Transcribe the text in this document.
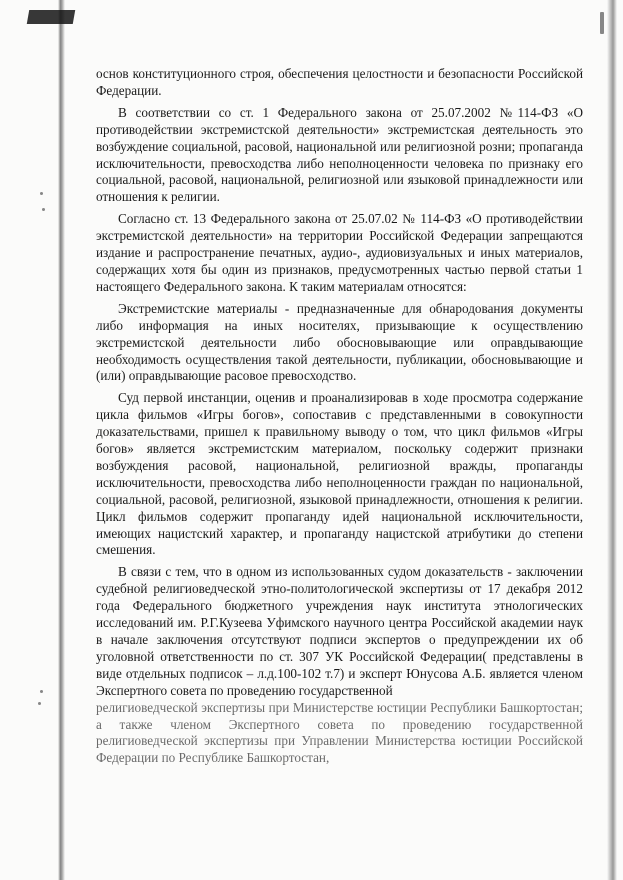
основ конституционного строя, обеспечения целостности и безопасности Российской Федерации.

В соответствии со ст. 1 Федерального закона от 25.07.2002 №114-ФЗ «О противодействии экстремистской деятельности» экстремистская деятельность это возбуждение социальной, расовой, национальной или религиозной розни; пропаганда исключительности, превосходства либо неполноценности человека по признаку его социальной, расовой, национальной, религиозной или языковой принадлежности или отношения к религии.

Согласно ст. 13 Федерального закона от 25.07.02 № 114-ФЗ «О противодействии экстремистской деятельности» на территории Российской Федерации запрещаются издание и распространение печатных, аудио-, аудиовизуальных и иных материалов, содержащих хотя бы один из признаков, предусмотренных частью первой статьи 1 настоящего Федерального закона. К таким материалам относятся:

Экстремистские материалы - предназначенные для обнародования документы либо информация на иных носителях, призывающие к осуществлению экстремистской деятельности либо обосновывающие или оправдывающие необходимость осуществления такой деятельности, публикации, обосновывающие и (или) оправдывающие расовое превосходство.

Суд первой инстанции, оценив и проанализировав в ходе просмотра содержание цикла фильмов «Игры богов», сопоставив с представленными в совокупности доказательствами, пришел к правильному выводу о том, что цикл фильмов «Игры богов» является экстремистским материалом, поскольку содержит признаки возбуждения расовой, национальной, религиозной вражды, пропаганды исключительности, превосходства либо неполноценности граждан по национальной, социальной, расовой, религиозной, языковой принадлежности, отношения к религии. Цикл фильмов содержит пропаганду идей национальной исключительности, имеющих нацистский характер, и пропаганду нацистской атрибутики до степени смешения.

В связи с тем, что в одном из использованных судом доказательств - заключении судебной религиоведческой этно-политологической экспертизы от 17 декабря 2012 года Федерального бюджетного учреждения наук института этнологических исследований им. Р.Г.Кузеева Уфимского научного центра Российской академии наук в начале заключения отсутствуют подписи экспертов о предупреждении их об уголовной ответственности по ст. 307 УК Российской Федерации( представлены в виде отдельных подписок – л.д.100-102 т.7) и эксперт Юнусова А.Б. является членом Экспертного совета по проведению государственной

религиоведческой экспертизы при Министерстве юстиции Республики Башкортостан; а также членом Экспертного совета по проведению государственной религиоведческой экспертизы при Управлении Министерства юстиции Российской Федерации по Республике Башкортостан,
